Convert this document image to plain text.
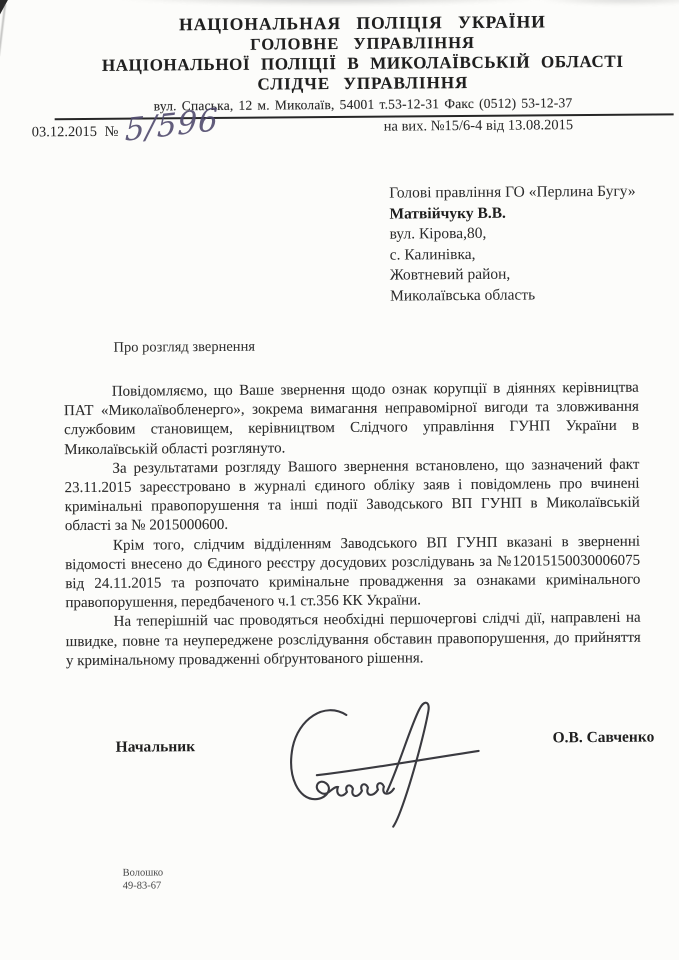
НАЦІОНАЛЬНАЯ ПОЛІЦІЯ УКРАЇНИ
ГОЛОВНЕ УПРАВЛІННЯ
НАЦІОНАЛЬНОЇ ПОЛІЦІЇ В МИКОЛАЇВСЬКІЙ ОБЛАСТІ
СЛІДЧЕ УПРАВЛІННЯ
вул. Спаська, 12 м. Миколаїв, 54001 т.53-12-31 Факс (0512) 53-12-37
03.12.2015 № 5/596	на вих. №15/6-4 від 13.08.2015
Голові правління ГО «Перлина Бугу»
Матвійчуку В.В.
вул. Кірова,80,
с. Калинівка,
Жовтневий район,
Миколаївська область
Про розгляд звернення

Повідомляємо, що Ваше звернення щодо ознак корупції в діяннях керівництва ПАТ «Миколаївобленерго», зокрема вимагання неправомірної вигоди та зловживання службовим становищем, керівництвом Слідчого управління ГУНП України в Миколаївській області розглянуто.

За результатами розгляду Вашого звернення встановлено, що зазначений факт 23.11.2015 зареєстровано в журналі єдиного обліку заяв і повідомлень про вчинені кримінальні правопорушення та інші події Заводського ВП ГУНП в Миколаївській області за № 2015000600.

Крім того, слідчим відділенням Заводського ВП ГУНП вказані в зверненні відомості внесено до Єдиного реєстру досудових розслідувань за №12015150030006075 від 24.11.2015 та розпочато кримінальне провадження за ознаками кримінального правопорушення, передбаченого ч.1 ст.356 КК України.

На теперішній час проводяться необхідні першочергові слідчі дії, направлені на швидке, повне та неупереджене розслідування обставин правопорушення, до прийняття у кримінальному провадженні обґрунтованого рішення.

Начальник
О.В. Савченко
Волошко
49-83-67
